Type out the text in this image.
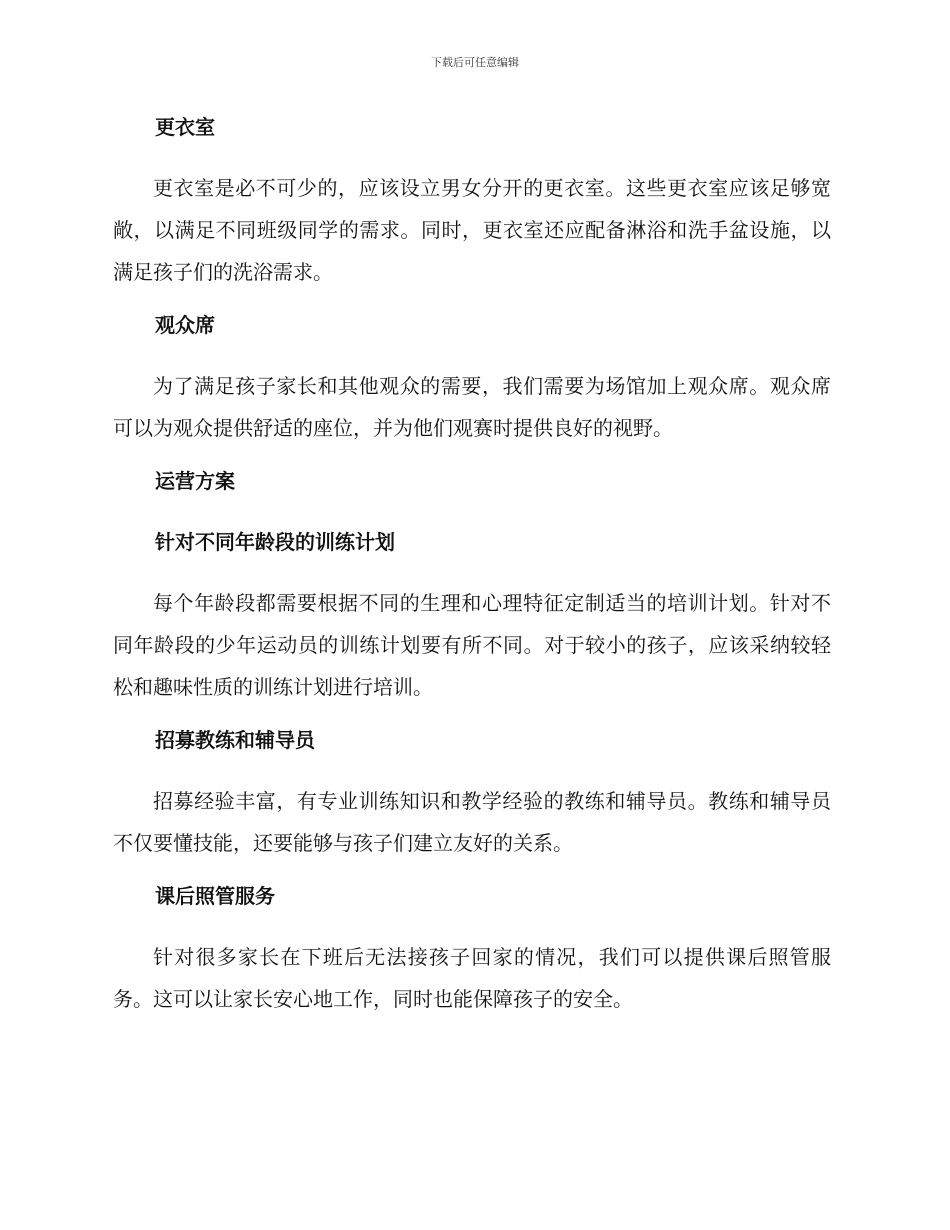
下载后可任意编辑
更衣室

更衣室是必不可少的，应该设立男女分开的更衣室。这些更衣室应该足够宽敞，以满足不同班级同学的需求。同时，更衣室还应配备淋浴和洗手盆设施，以满足孩子们的洗浴需求。

观众席

为了满足孩子家长和其他观众的需要，我们需要为场馆加上观众席。观众席可以为观众提供舒适的座位，并为他们观赛时提供良好的视野。

运营方案
针对不同年龄段的训练计划

每个年龄段都需要根据不同的生理和心理特征定制适当的培训计划。针对不同年龄段的少年运动员的训练计划要有所不同。对于较小的孩子，应该采纳较轻松和趣味性质的训练计划进行培训。

招募教练和辅导员

招募经验丰富，有专业训练知识和教学经验的教练和辅导员。教练和辅导员不仅要懂技能，还要能够与孩子们建立友好的关系。

课后照管服务

针对很多家长在下班后无法接孩子回家的情况，我们可以提供课后照管服务。这可以让家长安心地工作，同时也能保障孩子的安全。
